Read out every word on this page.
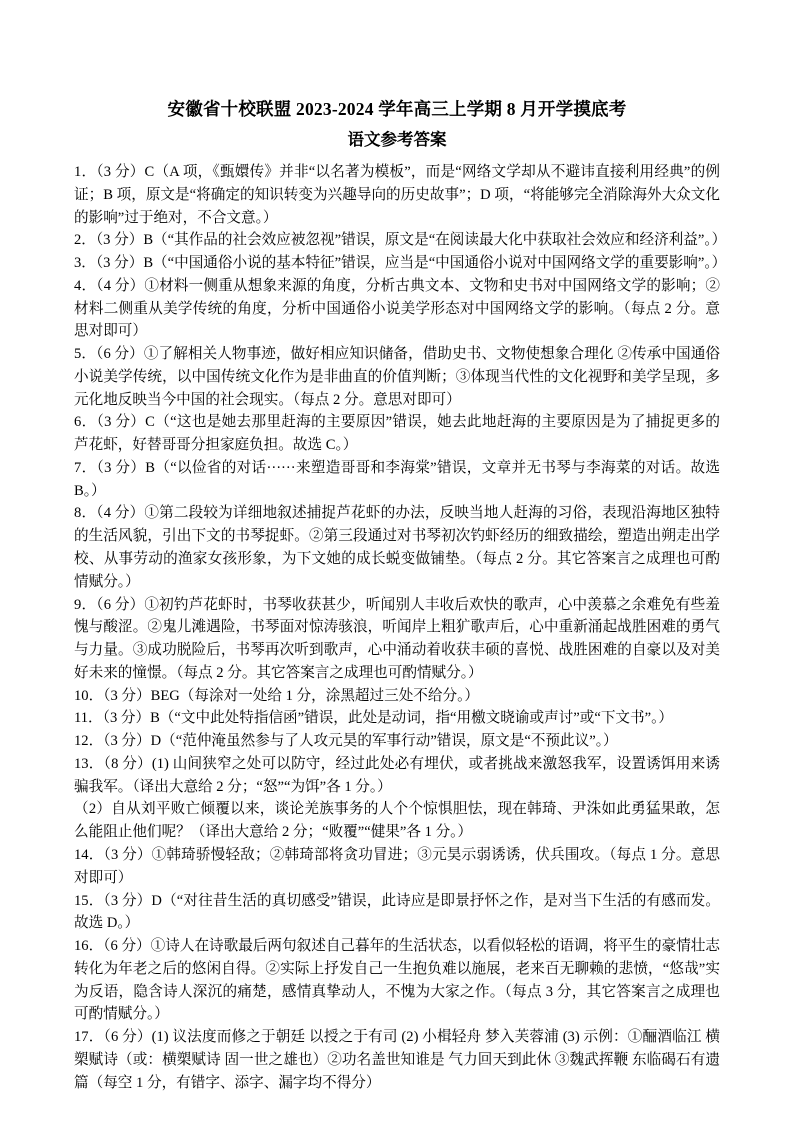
安徽省十校联盟 2023-2024 学年高三上学期 8 月开学摸底考
语文参考答案

1．（3 分）C（A 项，《甄嬛传》并非“以名著为模板”，而是“网络文学却从不避讳直接利用经典”的例证；B 项，原文是“将确定的知识转变为兴趣导向的历史故事”；D 项，“将能够完全消除海外大众文化的影响”过于绝对，不合文意。）

2．（3 分）B（“其作品的社会效应被忽视”错误，原文是“在阅读最大化中获取社会效应和经济利益”。）

3．（3 分）B（“中国通俗小说的基本特征”错误，应当是“中国通俗小说对中国网络文学的重要影响”。）

4．（4 分）①材料一侧重从想象来源的角度，分析古典文本、文物和史书对中国网络文学的影响；②材料二侧重从美学传统的角度，分析中国通俗小说美学形态对中国网络文学的影响。（每点 2 分。意思对即可）

5．（6 分）①了解相关人物事迹，做好相应知识储备，借助史书、文物使想象合理化 ②传承中国通俗小说美学传统，以中国传统文化作为是非曲直的价值判断；③体现当代性的文化视野和美学呈现，多元化地反映当今中国的社会现实。（每点 2 分。意思对即可）

6．（3 分）C（“这也是她去那里赶海的主要原因”错误，她去此地赶海的主要原因是为了捕捉更多的芦花虾，好替哥哥分担家庭负担。故选 C。）

7．（3 分）B（“以俭省的对话······来塑造哥哥和李海棠”错误，文章并无书琴与李海菜的对话。故选 B。）

8．（4 分）①第二段较为详细地叙述捕捉芦花虾的办法，反映当地人赶海的习俗，表现沿海地区独特的生活风貌，引出下文的书琴捉虾。②第三段通过对书琴初次钓虾经历的细致描绘，塑造出朔走出学校、从事劳动的渔家女孩形象，为下文她的成长蜕变做铺垫。（每点 2 分。其它答案言之成理也可酌情赋分。）

9．（6 分）①初钓芦花虾时，书琴收获甚少，听闻别人丰收后欢快的歌声，心中羡慕之余难免有些羞愧与酸涩。②鬼儿滩遇险，书琴面对惊涛骇浪，听闻岸上粗犷歌声后，心中重新涌起战胜困难的勇气与力量。③成功脱险后，书琴再次听到歌声，心中涌动着收获丰硕的喜悦、战胜困难的自豪以及对美好未来的憧憬。（每点 2 分。其它答案言之成理也可酌情赋分。）

10．（3 分）BEG（每涂对一处给 1 分，涂黑超过三处不给分。）

11．（3 分）B（“文中此处特指信函”错误，此处是动词，指“用檄文晓谕或声讨”或“下文书”。）

12．（3 分）D（“范仲淹虽然参与了人攻元昊的军事行动”错误，原文是“不预此议”。）

13．（8 分）(1) 山间狭窄之处可以防守，经过此处必有埋伏，或者挑战来激怒我军，设置诱饵用来诱骗我军。（译出大意给 2 分；“怒”“为饵”各 1 分。）

（2）自从刘平败亡倾覆以来，谈论羌族事务的人个个惊惧胆怯，现在韩琦、尹洙如此勇猛果敢，怎么能阻止他们呢？（译出大意给 2 分；“败覆”“健果”各 1 分。）

14．（3 分）①韩琦骄慢轻敌；②韩琦部将贪功冒进；③元昊示弱诱诱，伏兵围攻。（每点 1 分。意思对即可）

15．（3 分）D（“对往昔生活的真切感受”错误，此诗应是即景抒怀之作，是对当下生活的有感而发。故选 D。）

16．（6 分）①诗人在诗歌最后两句叙述自己暮年的生活状态，以看似轻松的语调，将平生的豪情壮志转化为年老之后的悠闲自得。②实际上抒发自己一生抱负难以施展，老来百无聊赖的悲愤，“悠哉”实为反语，隐含诗人深沉的痛楚，感情真挚动人，不愧为大家之作。（每点 3 分，其它答案言之成理也可酌情赋分。）

17．（6 分）(1) 议法度而修之于朝廷 以授之于有司 (2) 小楫轻舟 梦入芙蓉浦 (3) 示例：①酾酒临江 横槊赋诗（或：横槊赋诗 固一世之雄也）②功名盖世知谁是 气力回天到此休 ③魏武挥鞭 东临碣石有遗篇（每空 1 分，有错字、添字、漏字均不得分）
